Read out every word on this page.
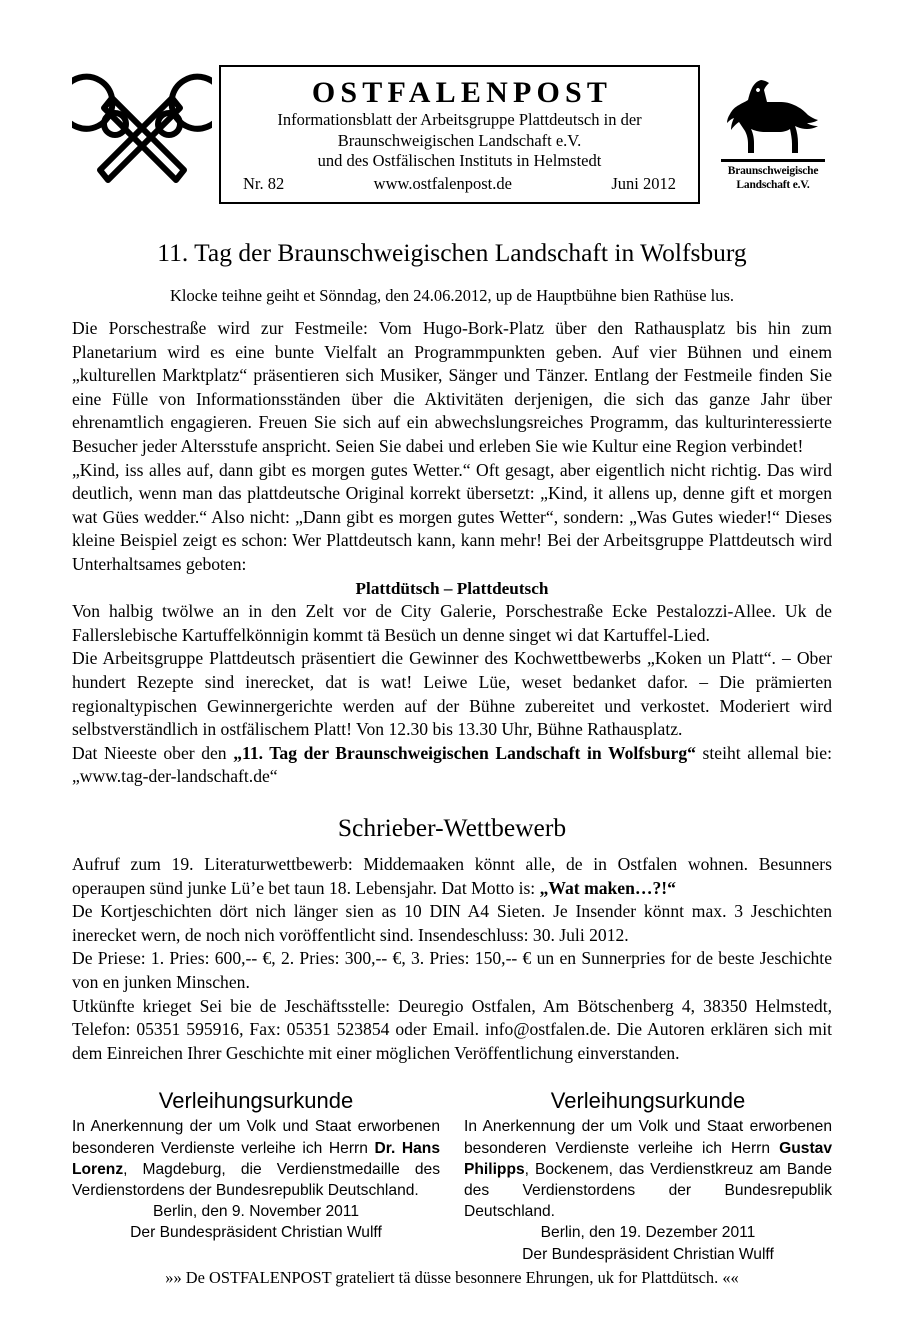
OSTFALENPOST
Informationsblatt der Arbeitsgruppe Plattdeutsch in der
Braunschweigischen Landschaft e.V.
und des Ostfälischen Instituts in Helmstedt
Nr. 82	www.ostfalenpost.de	Juni 2012
Braunschweigische
Landschaft e.V.
11. Tag der Braunschweigischen Landschaft in Wolfsburg
Klocke teihne geiht et Sönndag, den 24.06.2012, up de Hauptbühne bien Rathüse lus.

Die Porschestraße wird zur Festmeile: Vom Hugo-Bork-Platz über den Rathausplatz bis hin zum Planetarium wird es eine bunte Vielfalt an Programmpunkten geben. Auf vier Bühnen und einem „kulturellen Marktplatz“ präsentieren sich Musiker, Sänger und Tänzer. Entlang der Festmeile finden Sie eine Fülle von Informationsständen über die Aktivitäten derjenigen, die sich das ganze Jahr über ehrenamtlich engagieren. Freuen Sie sich auf ein abwechslungsreiches Programm, das kulturinteressierte Besucher jeder Altersstufe anspricht. Seien Sie dabei und erleben Sie wie Kultur eine Region verbindet!

„Kind, iss alles auf, dann gibt es morgen gutes Wetter.“ Oft gesagt, aber eigentlich nicht richtig. Das wird deutlich, wenn man das plattdeutsche Original korrekt übersetzt: „Kind, it allens up, denne gift et morgen wat Gües wedder.“ Also nicht: „Dann gibt es morgen gutes Wetter“, sondern: „Was Gutes wieder!“ Dieses kleine Beispiel zeigt es schon: Wer Plattdeutsch kann, kann mehr! Bei der Arbeitsgruppe Plattdeutsch wird Unterhaltsames geboten:

Plattdütsch – Plattdeutsch

Von halbig twölwe an in den Zelt vor de City Galerie, Porschestraße Ecke Pestalozzi-Allee. Uk de Fallerslebische Kartuffelkönnigin kommt tä Besüch un denne singet wi dat Kartuffel-Lied.

Die Arbeitsgruppe Plattdeutsch präsentiert die Gewinner des Kochwettbewerbs „Koken un Platt“. – Ober hundert Rezepte sind inerecket, dat is wat! Leiwe Lüe, weset bedanket dafor. – Die prämierten regionaltypischen Gewinnergerichte werden auf der Bühne zubereitet und verkostet. Moderiert wird selbstverständlich in ostfälischem Platt! Von 12.30 bis 13.30 Uhr, Bühne Rathausplatz.

Dat Nieeste ober den „11. Tag der Braunschweigischen Landschaft in Wolfsburg“ steiht allemal bie: „www.tag-der-landschaft.de“

Schrieber-Wettbewerb

Aufruf zum 19. Literaturwettbewerb: Middemaaken könnt alle, de in Ostfalen wohnen. Besunners operaupen sünd junke Lü’e bet taun 18. Lebensjahr. Dat Motto is: „Wat maken…?!“

De Kortjeschichten dört nich länger sien as 10 DIN A4 Sieten. Je Insender könnt max. 3 Jeschichten inerecket wern, de noch nich voröffentlicht sind. Insendeschluss: 30. Juli 2012.

De Priese: 1. Pries: 600,-- €, 2. Pries: 300,-- €, 3. Pries: 150,-- € un en Sunnerpries for de beste Jeschichte von en junken Minschen.

Utkünfte krieget Sei bie de Jeschäftsstelle: Deuregio Ostfalen, Am Bötschenberg 4, 38350 Helmstedt, Telefon: 05351 595916, Fax: 05351 523854 oder Email. info@ostfalen.de. Die Autoren erklären sich mit dem Einreichen Ihrer Geschichte mit einer möglichen Veröffentlichung einverstanden.

Verleihungsurkunde

In Anerkennung der um Volk und Staat erworbenen besonderen Verdienste verleihe ich Herrn Dr. Hans Lorenz, Magdeburg, die Verdienstmedaille des Verdienstordens der Bundesrepublik Deutschland.

Berlin, den 9. November 2011
Der Bundespräsident Christian Wulff
Verleihungsurkunde

In Anerkennung der um Volk und Staat erworbenen besonderen Verdienste verleihe ich Herrn Gustav Philipps, Bockenem, das Verdienstkreuz am Bande des Verdienstordens der Bundesrepublik Deutschland.

Berlin, den 19. Dezember 2011
Der Bundespräsident Christian Wulff
»» De OSTFALENPOST grateliert tä düsse besonnere Ehrungen, uk for Plattdütsch. ««
